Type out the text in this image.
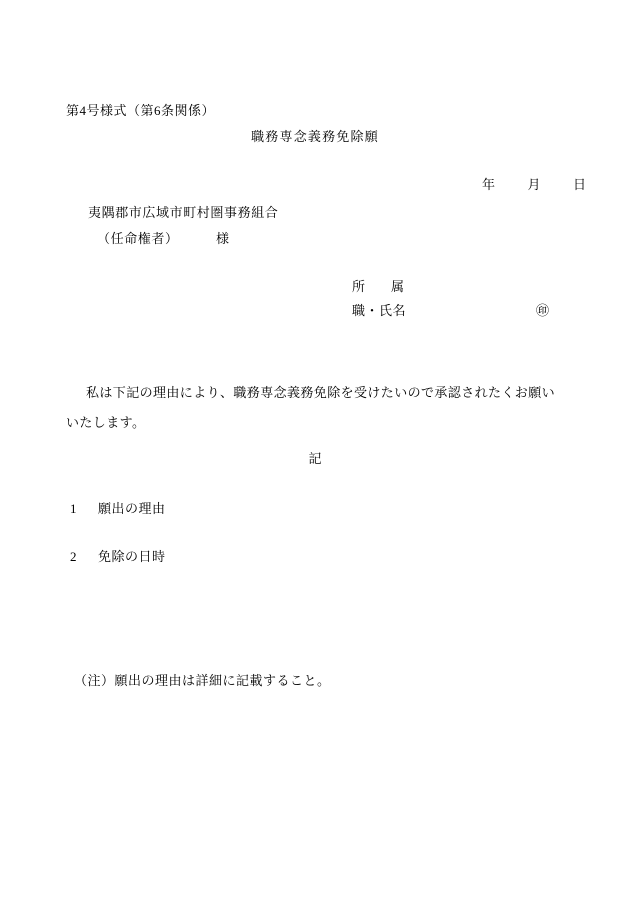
第4号様式（第6条関係）
職務専念義務免除願
年	月	日
夷隅郡市広域市町村圏事務組合
（任命権者）	様
所　　属
職・氏名	㊞
私は下記の理由により、職務専念義務免除を受けたいので承認されたくお願いいたします。
記
1 願出の理由
2 免除の日時
（注）願出の理由は詳細に記載すること。
